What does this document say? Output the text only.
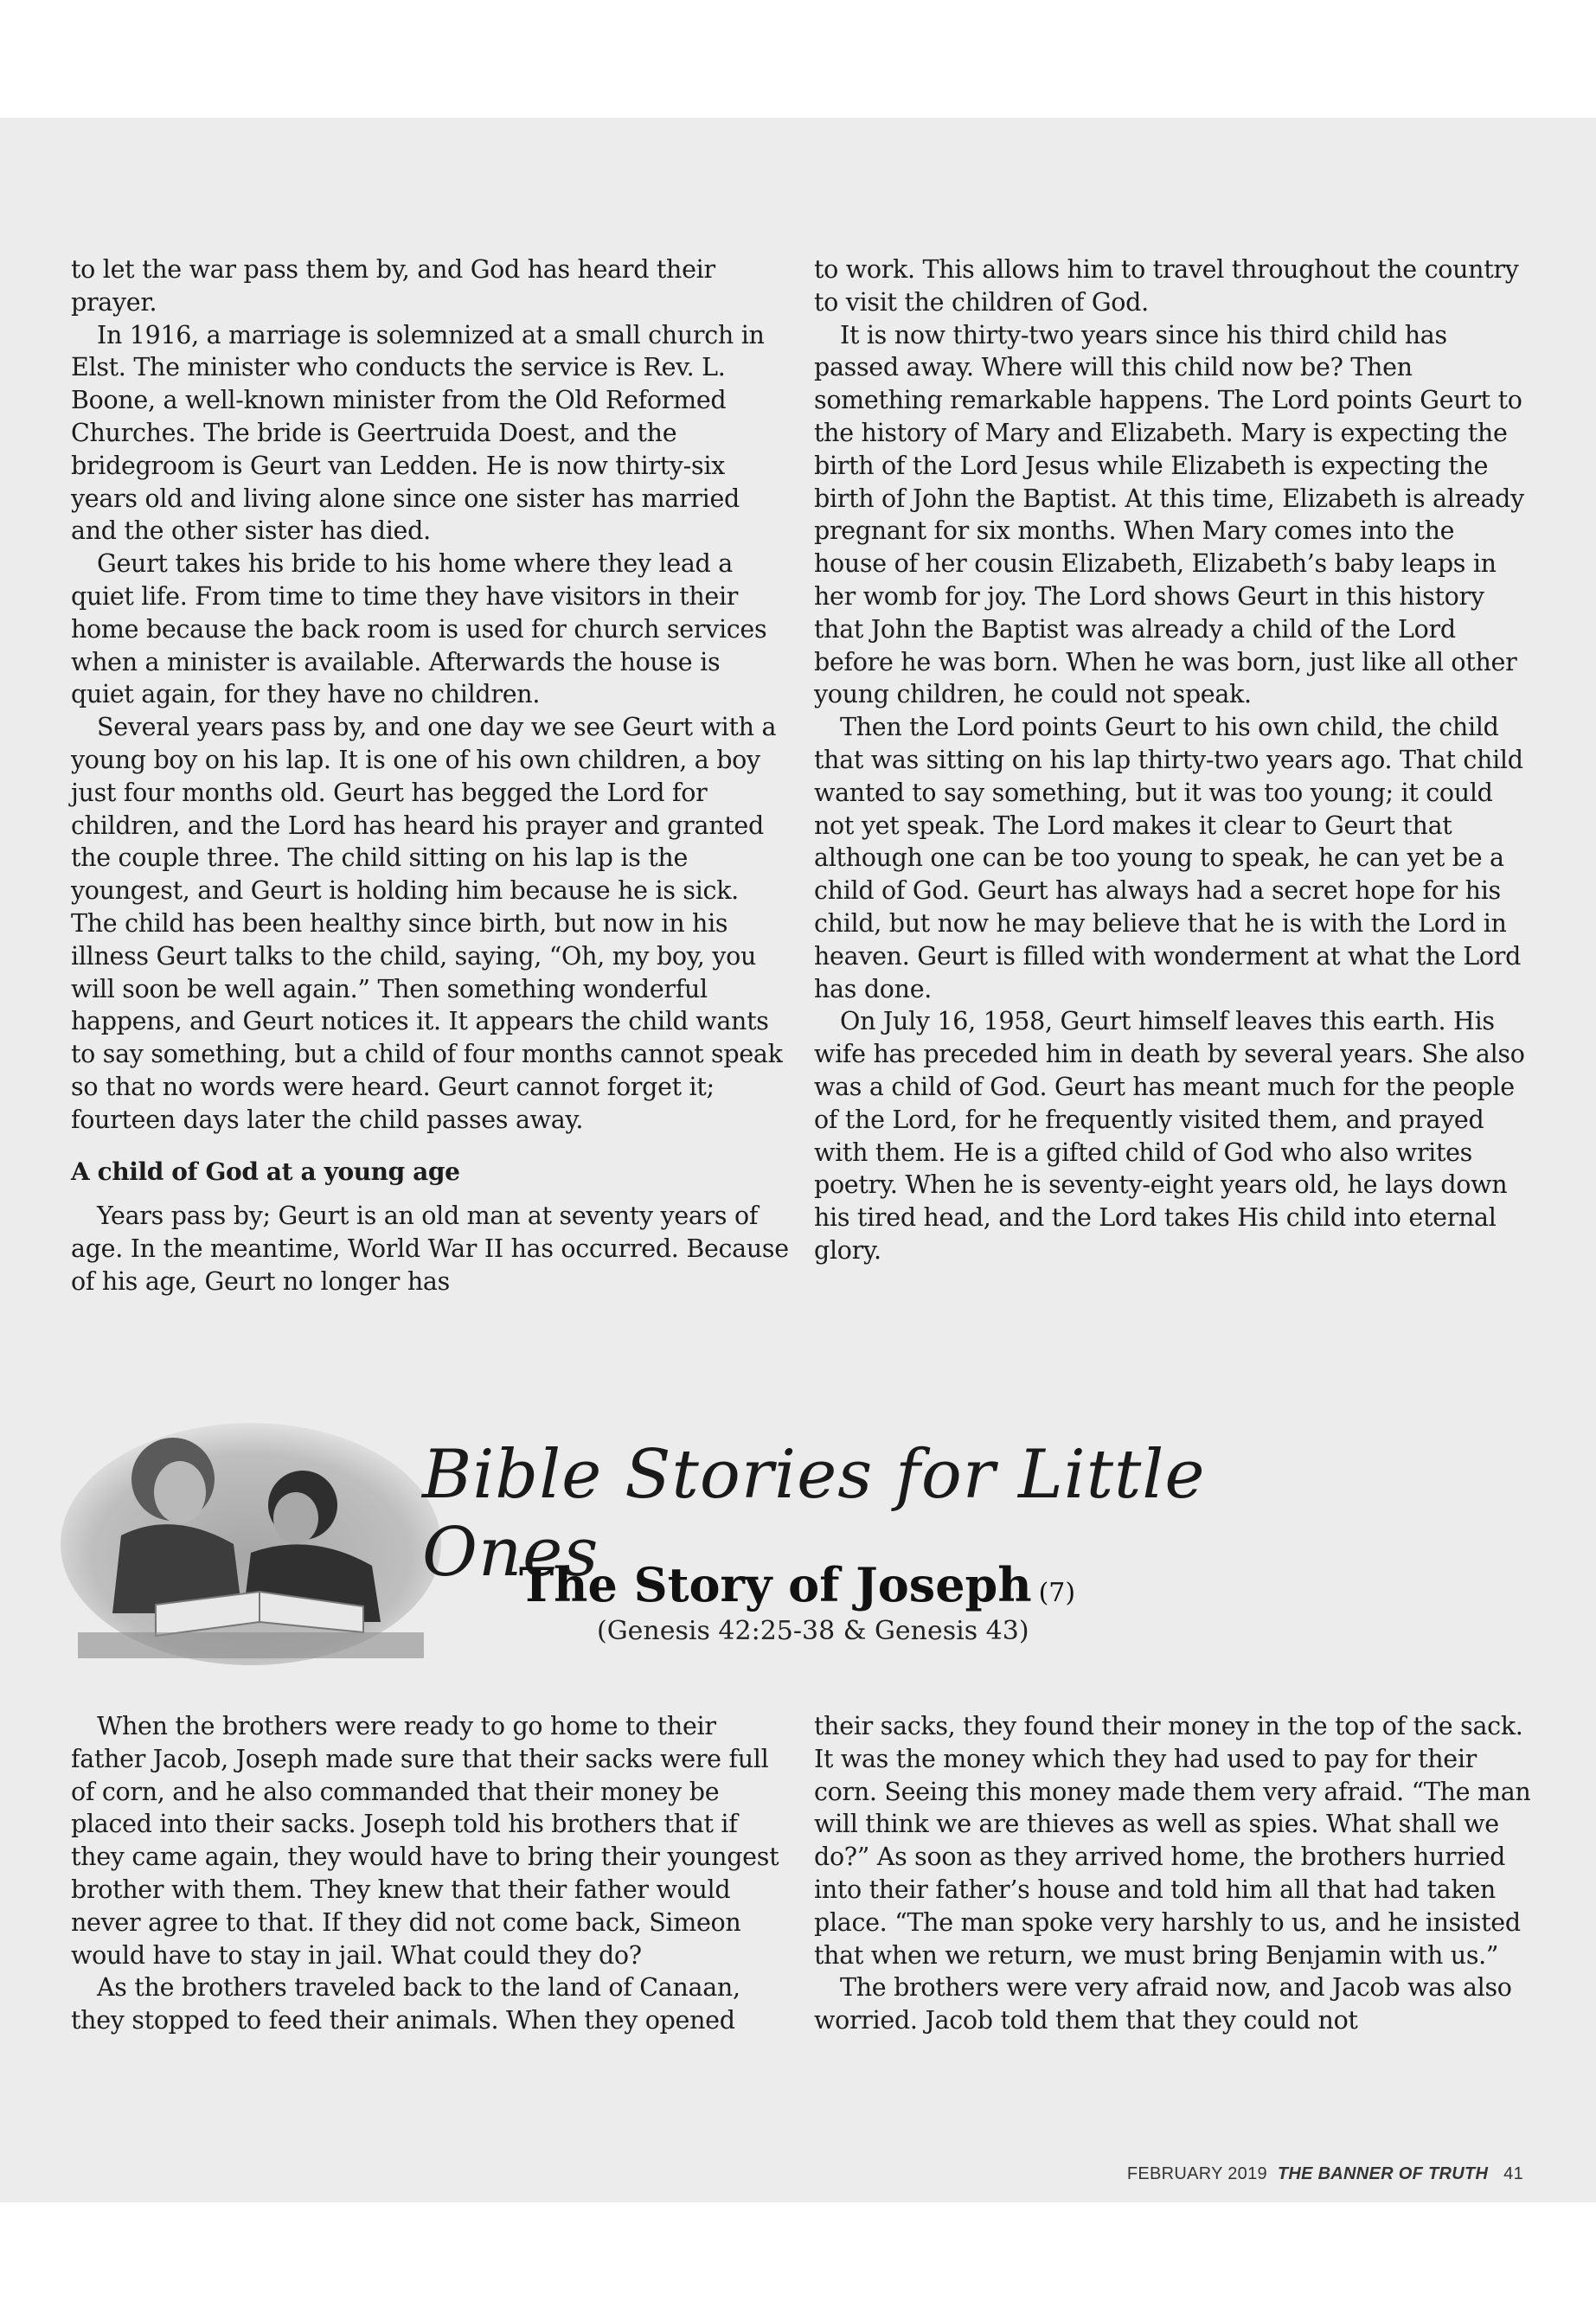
to let the war pass them by, and God has heard their prayer.

In 1916, a marriage is solemnized at a small church in Elst. The minister who conducts the service is Rev. L. Boone, a well-known minister from the Old Reformed Churches. The bride is Geertruida Doest, and the bridegroom is Geurt van Ledden. He is now thirty-six years old and living alone since one sister has married and the other sister has died.

Geurt takes his bride to his home where they lead a quiet life. From time to time they have visitors in their home because the back room is used for church services when a minister is available. Afterwards the house is quiet again, for they have no children.

Several years pass by, and one day we see Geurt with a young boy on his lap. It is one of his own children, a boy just four months old. Geurt has begged the Lord for children, and the Lord has heard his prayer and granted the couple three. The child sitting on his lap is the youngest, and Geurt is holding him because he is sick. The child has been healthy since birth, but now in his illness Geurt talks to the child, saying, “Oh, my boy, you will soon be well again.” Then something wonderful happens, and Geurt notices it. It appears the child wants to say something, but a child of four months cannot speak so that no words were heard. Geurt cannot forget it; fourteen days later the child passes away.

A child of God at a young age

Years pass by; Geurt is an old man at seventy years of age. In the meantime, World War II has occurred. Because of his age, Geurt no longer has

to work. This allows him to travel throughout the country to visit the children of God.

It is now thirty-two years since his third child has passed away. Where will this child now be? Then something remarkable happens. The Lord points Geurt to the history of Mary and Elizabeth. Mary is expecting the birth of the Lord Jesus while Elizabeth is expecting the birth of John the Baptist. At this time, Elizabeth is already pregnant for six months. When Mary comes into the house of her cousin Elizabeth, Elizabeth’s baby leaps in her womb for joy. The Lord shows Geurt in this history that John the Baptist was already a child of the Lord before he was born. When he was born, just like all other young children, he could not speak.

Then the Lord points Geurt to his own child, the child that was sitting on his lap thirty-two years ago. That child wanted to say something, but it was too young; it could not yet speak. The Lord makes it clear to Geurt that although one can be too young to speak, he can yet be a child of God. Geurt has always had a secret hope for his child, but now he may believe that he is with the Lord in heaven. Geurt is filled with wonderment at what the Lord has done.

On July 16, 1958, Geurt himself leaves this earth. His wife has preceded him in death by several years. She also was a child of God. Geurt has meant much for the people of the Lord, for he frequently visited them, and prayed with them. He is a gifted child of God who also writes poetry. When he is seventy-eight years old, he lays down his tired head, and the Lord takes His child into eternal glory.

Bible Stories for Little Ones
The Story of Joseph (7)
(Genesis 42:25-38 & Genesis 43)

When the brothers were ready to go home to their father Jacob, Joseph made sure that their sacks were full of corn, and he also commanded that their money be placed into their sacks. Joseph told his brothers that if they came again, they would have to bring their youngest brother with them. They knew that their father would never agree to that. If they did not come back, Simeon would have to stay in jail. What could they do?

As the brothers traveled back to the land of Canaan, they stopped to feed their animals. When they opened

their sacks, they found their money in the top of the sack. It was the money which they had used to pay for their corn. Seeing this money made them very afraid. “The man will think we are thieves as well as spies. What shall we do?” As soon as they arrived home, the brothers hurried into their father’s house and told him all that had taken place. “The man spoke very harshly to us, and he insisted that when we return, we must bring Benjamin with us.”

The brothers were very afraid now, and Jacob was also worried. Jacob told them that they could not

FEBRUARY 2019 THE BANNER OF TRUTH 41
